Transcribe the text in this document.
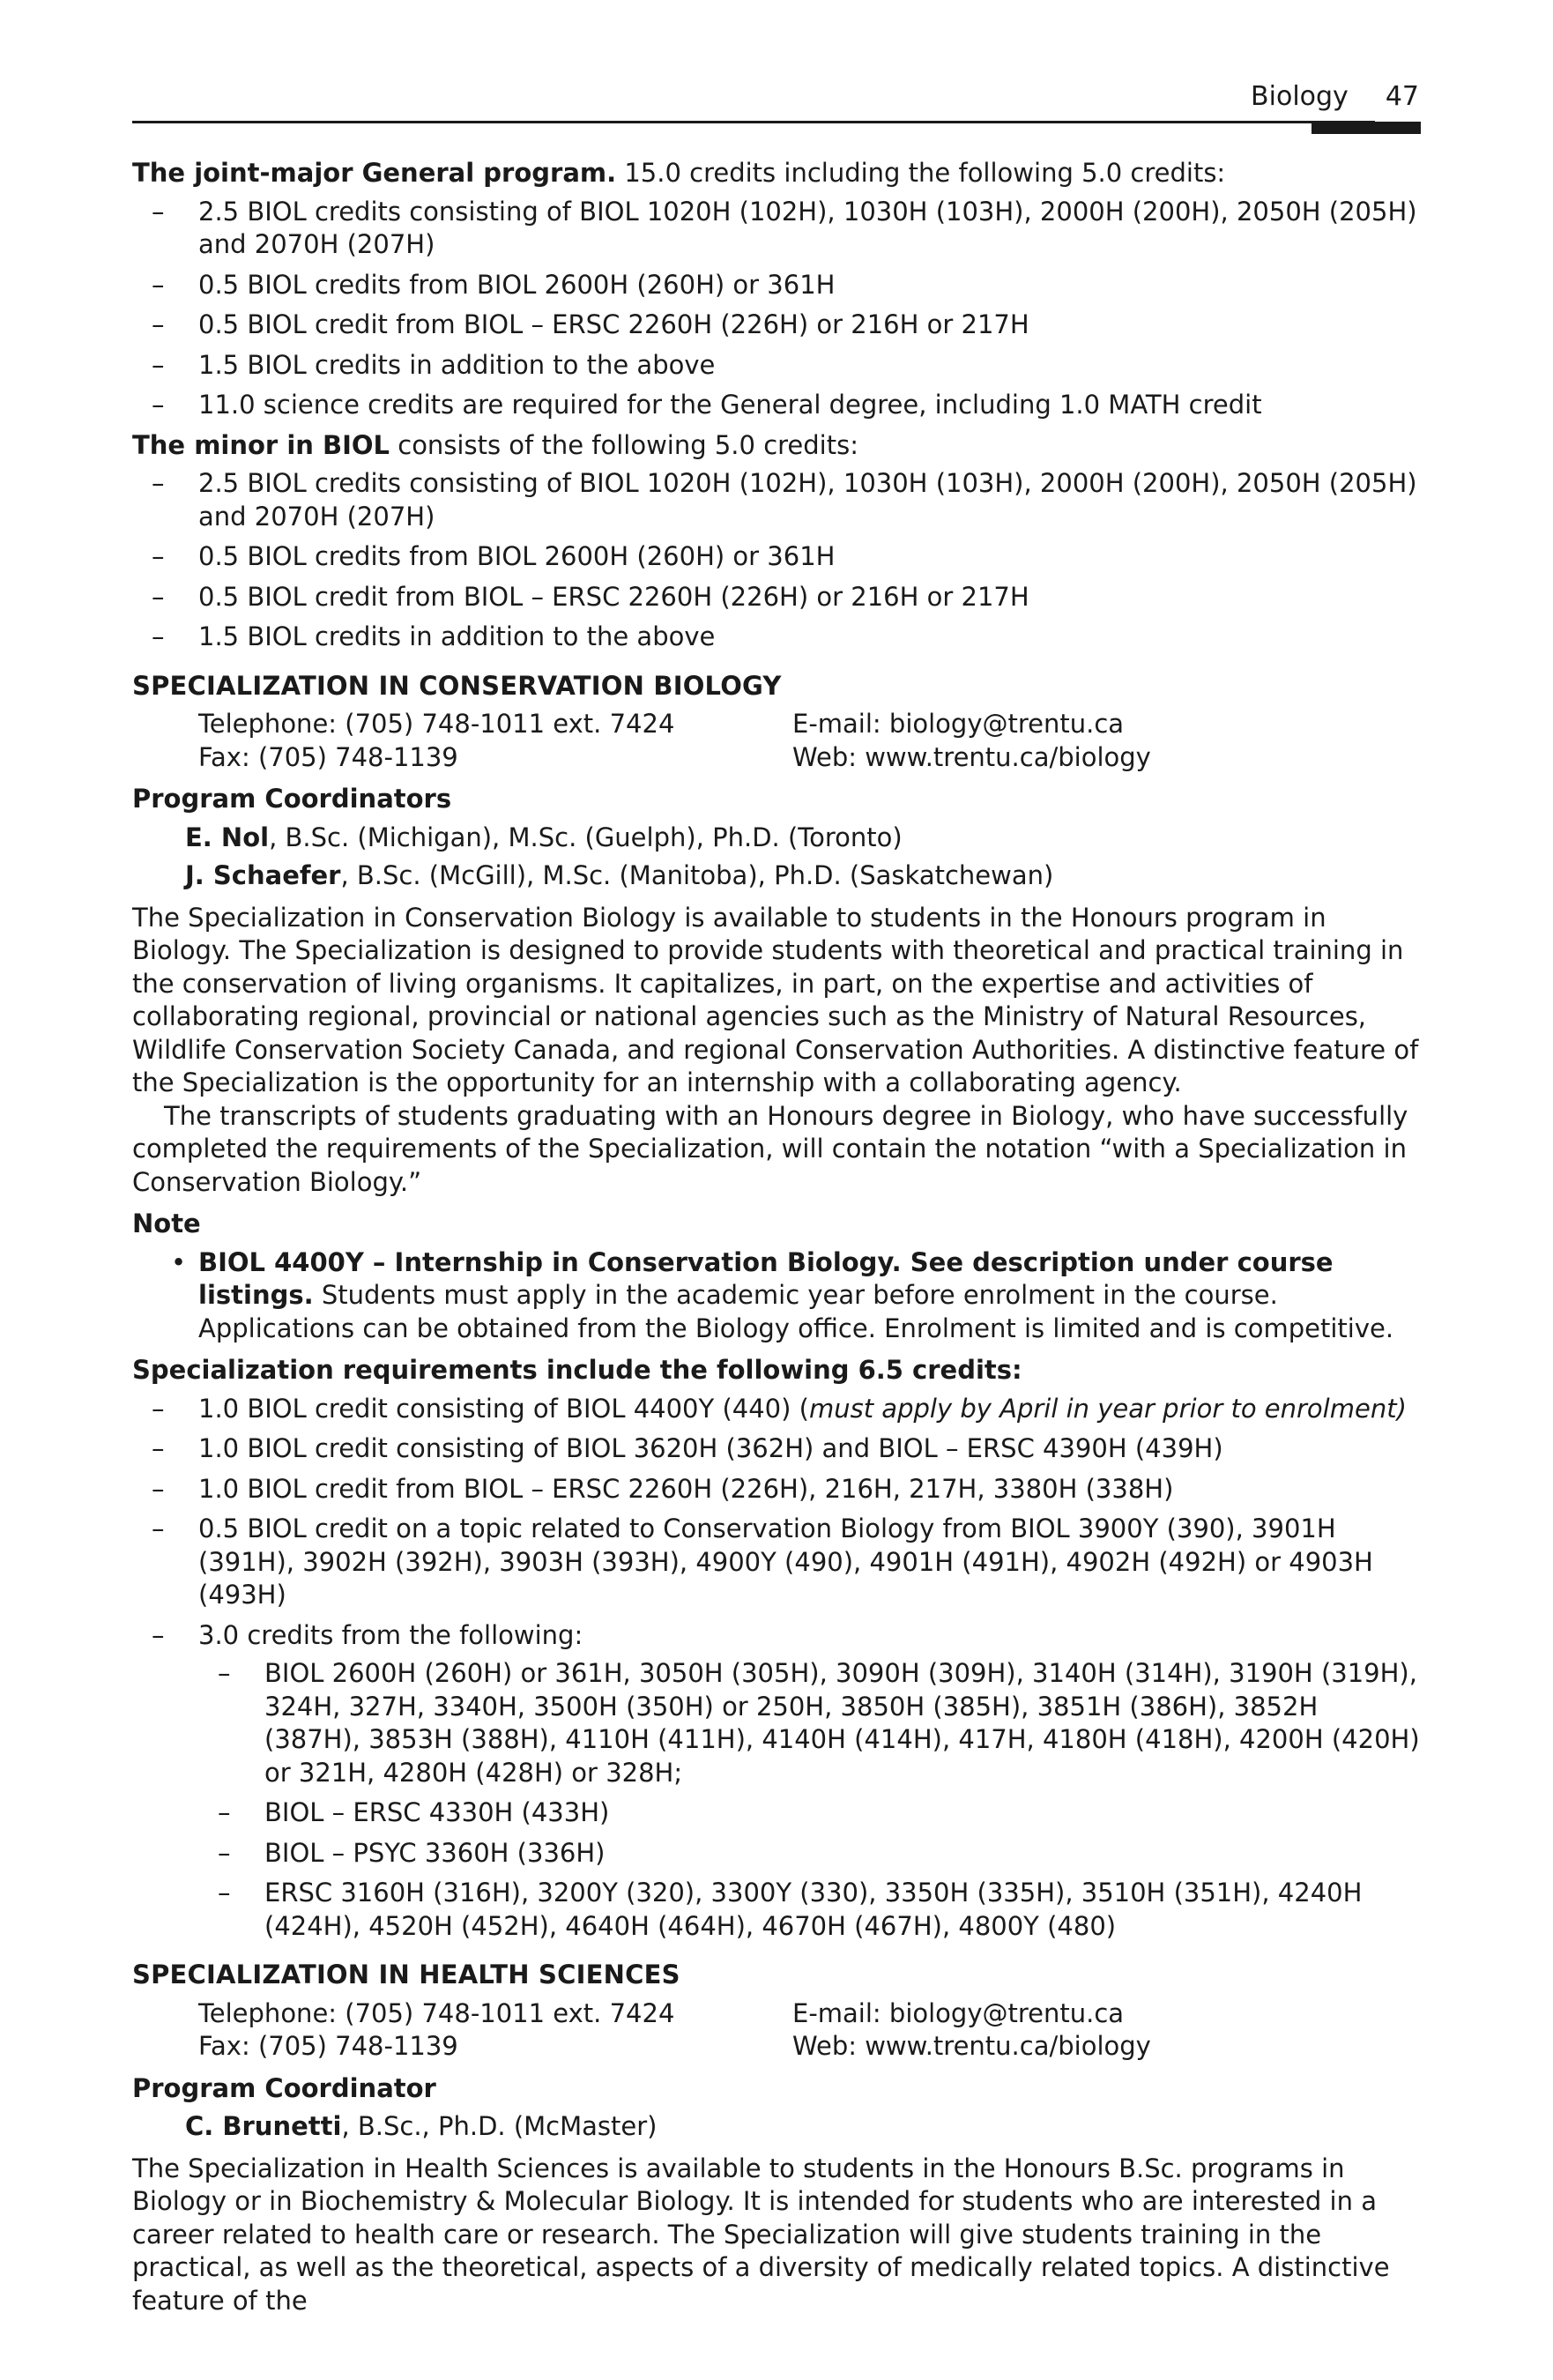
Biology 47

The joint-major General program. 15.0 credits including the following 5.0 credits:

– 2.5 BIOL credits consisting of BIOL 1020H (102H), 1030H (103H), 2000H (200H), 2050H (205H) and 2070H (207H)
– 0.5 BIOL credits from BIOL 2600H (260H) or 361H
– 0.5 BIOL credit from BIOL – ERSC 2260H (226H) or 216H or 217H
– 1.5 BIOL credits in addition to the above
– 11.0 science credits are required for the General degree, including 1.0 MATH credit

The minor in BIOL consists of the following 5.0 credits:

– 2.5 BIOL credits consisting of BIOL 1020H (102H), 1030H (103H), 2000H (200H), 2050H (205H) and 2070H (207H)
– 0.5 BIOL credits from BIOL 2600H (260H) or 361H
– 0.5 BIOL credit from BIOL – ERSC 2260H (226H) or 216H or 217H
– 1.5 BIOL credits in addition to the above
SPECIALIZATION IN CONSERVATION BIOLOGY
Telephone: (705) 748-1011 ext. 7424	E-mail: biology@trentu.ca
Fax: (705) 748-1139	Web: www.trentu.ca/biology

Program Coordinators

E. Nol, B.Sc. (Michigan), M.Sc. (Guelph), Ph.D. (Toronto)

J. Schaefer, B.Sc. (McGill), M.Sc. (Manitoba), Ph.D. (Saskatchewan)

The Specialization in Conservation Biology is available to students in the Honours program in Biology. The Specialization is designed to provide students with theoretical and practical training in the conservation of living organisms. It capitalizes, in part, on the expertise and activities of collaborating regional, provincial or national agencies such as the Ministry of Natural Resources, Wildlife Conservation Society Canada, and regional Conservation Authorities. A distinctive feature of the Specialization is the opportunity for an internship with a collaborating agency.

The transcripts of students graduating with an Honours degree in Biology, who have successfully completed the requirements of the Specialization, will contain the notation “with a Specialization in Conservation Biology.”

Note

• BIOL 4400Y – Internship in Conservation Biology. See description under course listings. Students must apply in the academic year before enrolment in the course. Applications can be obtained from the Biology office. Enrolment is limited and is competitive.

Specialization requirements include the following 6.5 credits:

– 1.0 BIOL credit consisting of BIOL 4400Y (440) (must apply by April in year prior to enrolment)
– 1.0 BIOL credit consisting of BIOL 3620H (362H) and BIOL – ERSC 4390H (439H)
– 1.0 BIOL credit from BIOL – ERSC 2260H (226H), 216H, 217H, 3380H (338H)
– 0.5 BIOL credit on a topic related to Conservation Biology from BIOL 3900Y (390), 3901H (391H), 3902H (392H), 3903H (393H), 4900Y (490), 4901H (491H), 4902H (492H) or 4903H (493H)
– 3.0 credits from the following:
– BIOL 2600H (260H) or 361H, 3050H (305H), 3090H (309H), 3140H (314H), 3190H (319H), 324H, 327H, 3340H, 3500H (350H) or 250H, 3850H (385H), 3851H (386H), 3852H (387H), 3853H (388H), 4110H (411H), 4140H (414H), 417H, 4180H (418H), 4200H (420H) or 321H, 4280H (428H) or 328H;
– BIOL – ERSC 4330H (433H)
– BIOL – PSYC 3360H (336H)
– ERSC 3160H (316H), 3200Y (320), 3300Y (330), 3350H (335H), 3510H (351H), 4240H (424H), 4520H (452H), 4640H (464H), 4670H (467H), 4800Y (480)
SPECIALIZATION IN HEALTH SCIENCES
Telephone: (705) 748-1011 ext. 7424	E-mail: biology@trentu.ca
Fax: (705) 748-1139	Web: www.trentu.ca/biology

Program Coordinator

C. Brunetti, B.Sc., Ph.D. (McMaster)

The Specialization in Health Sciences is available to students in the Honours B.Sc. programs in Biology or in Biochemistry & Molecular Biology. It is intended for students who are interested in a career related to health care or research. The Specialization will give students training in the practical, as well as the theoretical, aspects of a diversity of medically related topics. A distinctive feature of the
